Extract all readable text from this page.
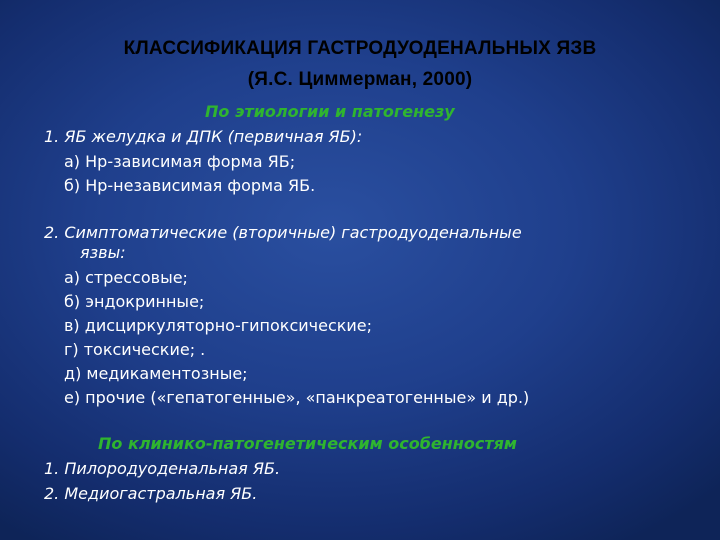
КЛАССИФИКАЦИЯ ГАСТРОДУОДЕНАЛЬНЫХ ЯЗВ
(Я.С. Циммерман, 2000)
По этиологии и патогенезу
1. ЯБ желудка и ДПК (первичная ЯБ):
а) Нр-зависимая форма ЯБ;
б) Нр-независимая форма ЯБ.
2. Симптоматические (вторичные) гастродуоденальные
язвы:
а) стрессовые;
б) эндокринные;
в) дисциркуляторно-гипоксические;
г) токсические; .
д) медикаментозные;
е) прочие («гепатогенные», «панкреатогенные» и др.)
По клинико-патогенетическим особенностям
1. Пилородуоденальная ЯБ.
2. Медиогастральная ЯБ.
